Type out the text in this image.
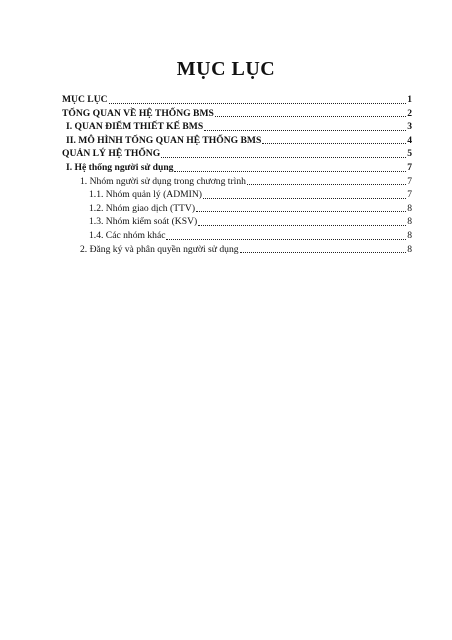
MỤC LỤC
MỤC LỤC	1
TỔNG QUAN VỀ HỆ THỐNG BMS	2
I. QUAN ĐIỂM THIẾT KẾ BMS	3
II. MÔ HÌNH TỔNG QUAN HỆ THỐNG BMS	4
QUẢN LÝ HỆ THỐNG	5
I. Hệ thống người sử dụng	7
1. Nhóm người sử dụng trong chương trình	7
1.1. Nhóm quản lý (ADMIN)	7
1.2. Nhóm giao dịch (TTV)	8
1.3. Nhóm kiểm soát (KSV)	8
1.4. Các nhóm khác	8
2. Đăng ký và phân quyền người sử dụng	8
